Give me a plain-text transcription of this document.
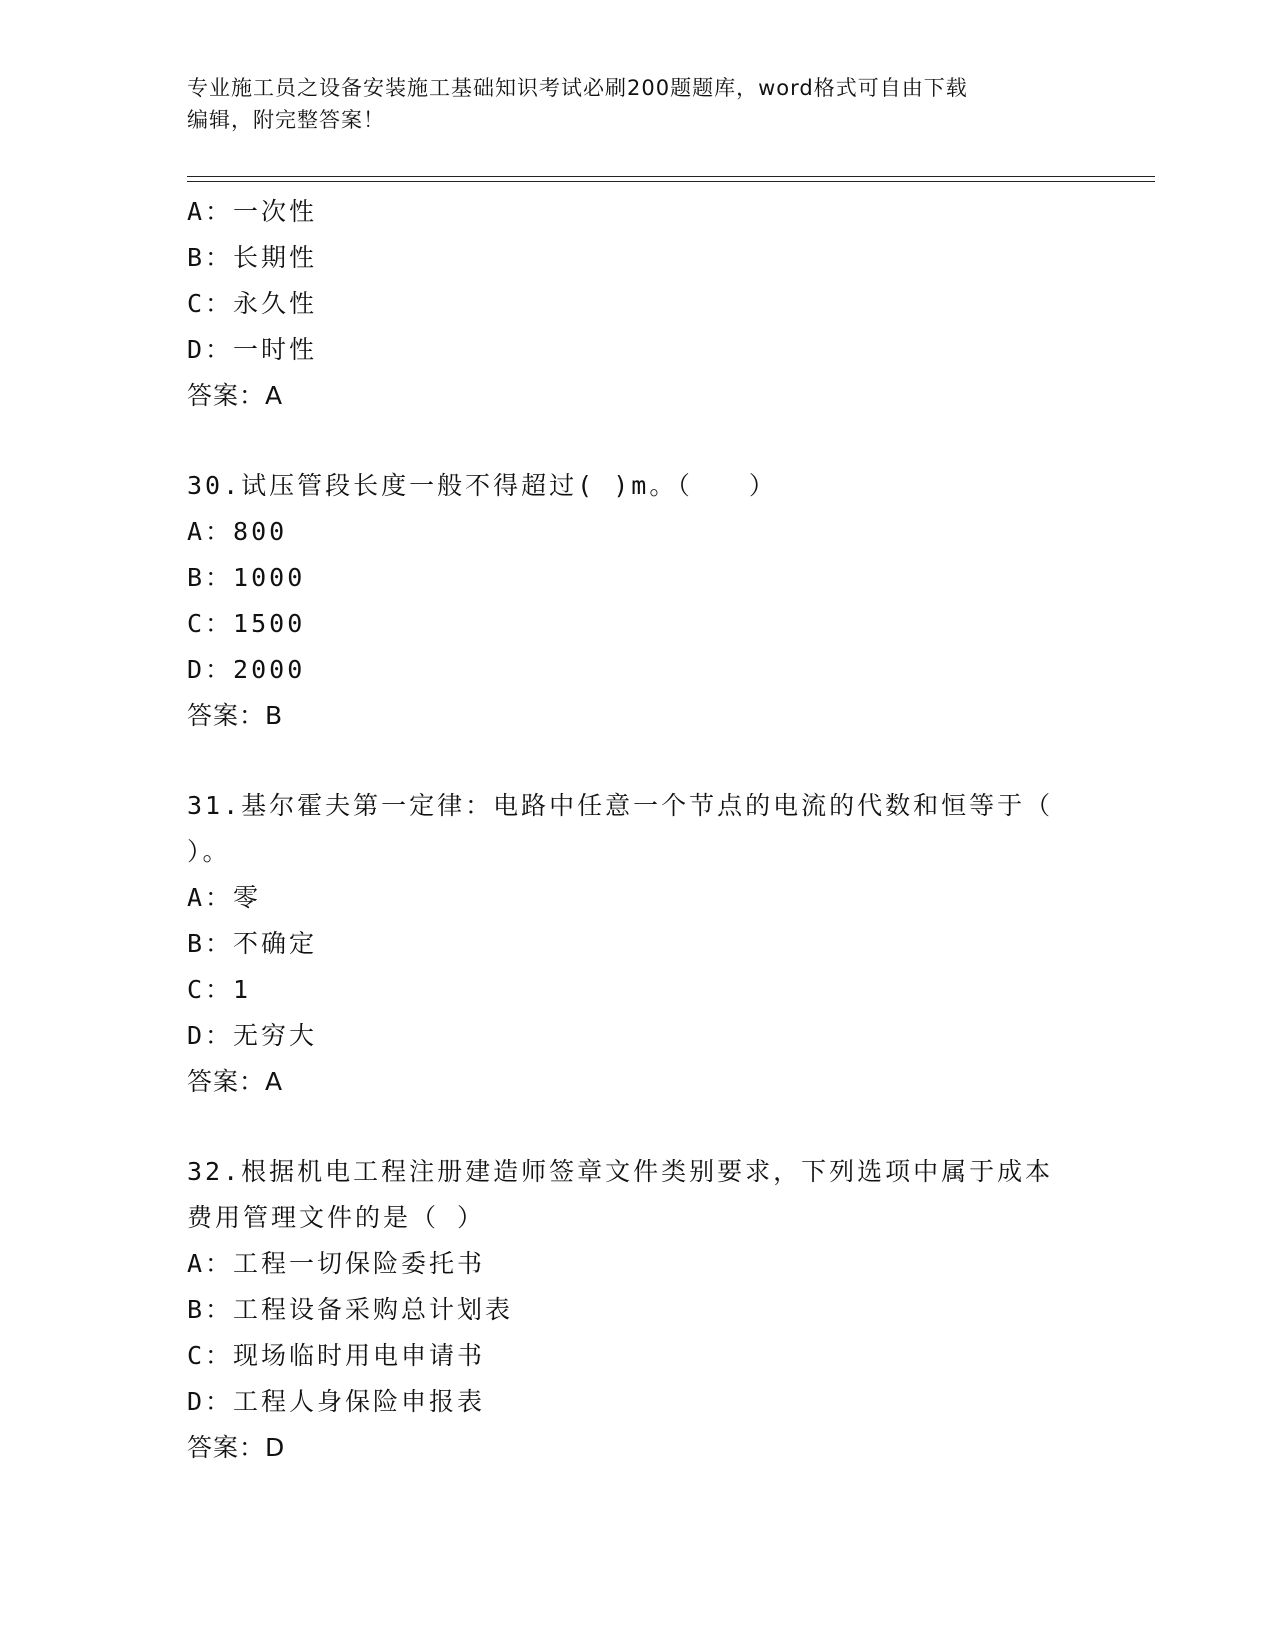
专业施工员之设备安装施工基础知识考试必刷200题题库，word格式可自由下载
编辑，附完整答案！
A：一次性
B：长期性
C：永久性
D：一时性
答案：A
30.试压管段长度一般不得超过( )m。（　　）
A：800
B：1000
C：1500
D：2000
答案：B
31.基尔霍夫第一定律：电路中任意一个节点的电流的代数和恒等于（
）。
A：零
B：不确定
C：1
D：无穷大
答案：A
32.根据机电工程注册建造师签章文件类别要求，下列选项中属于成本
费用管理文件的是（ ）
A：工程一切保险委托书
B：工程设备采购总计划表
C：现场临时用电申请书
D：工程人身保险申报表
答案：D
